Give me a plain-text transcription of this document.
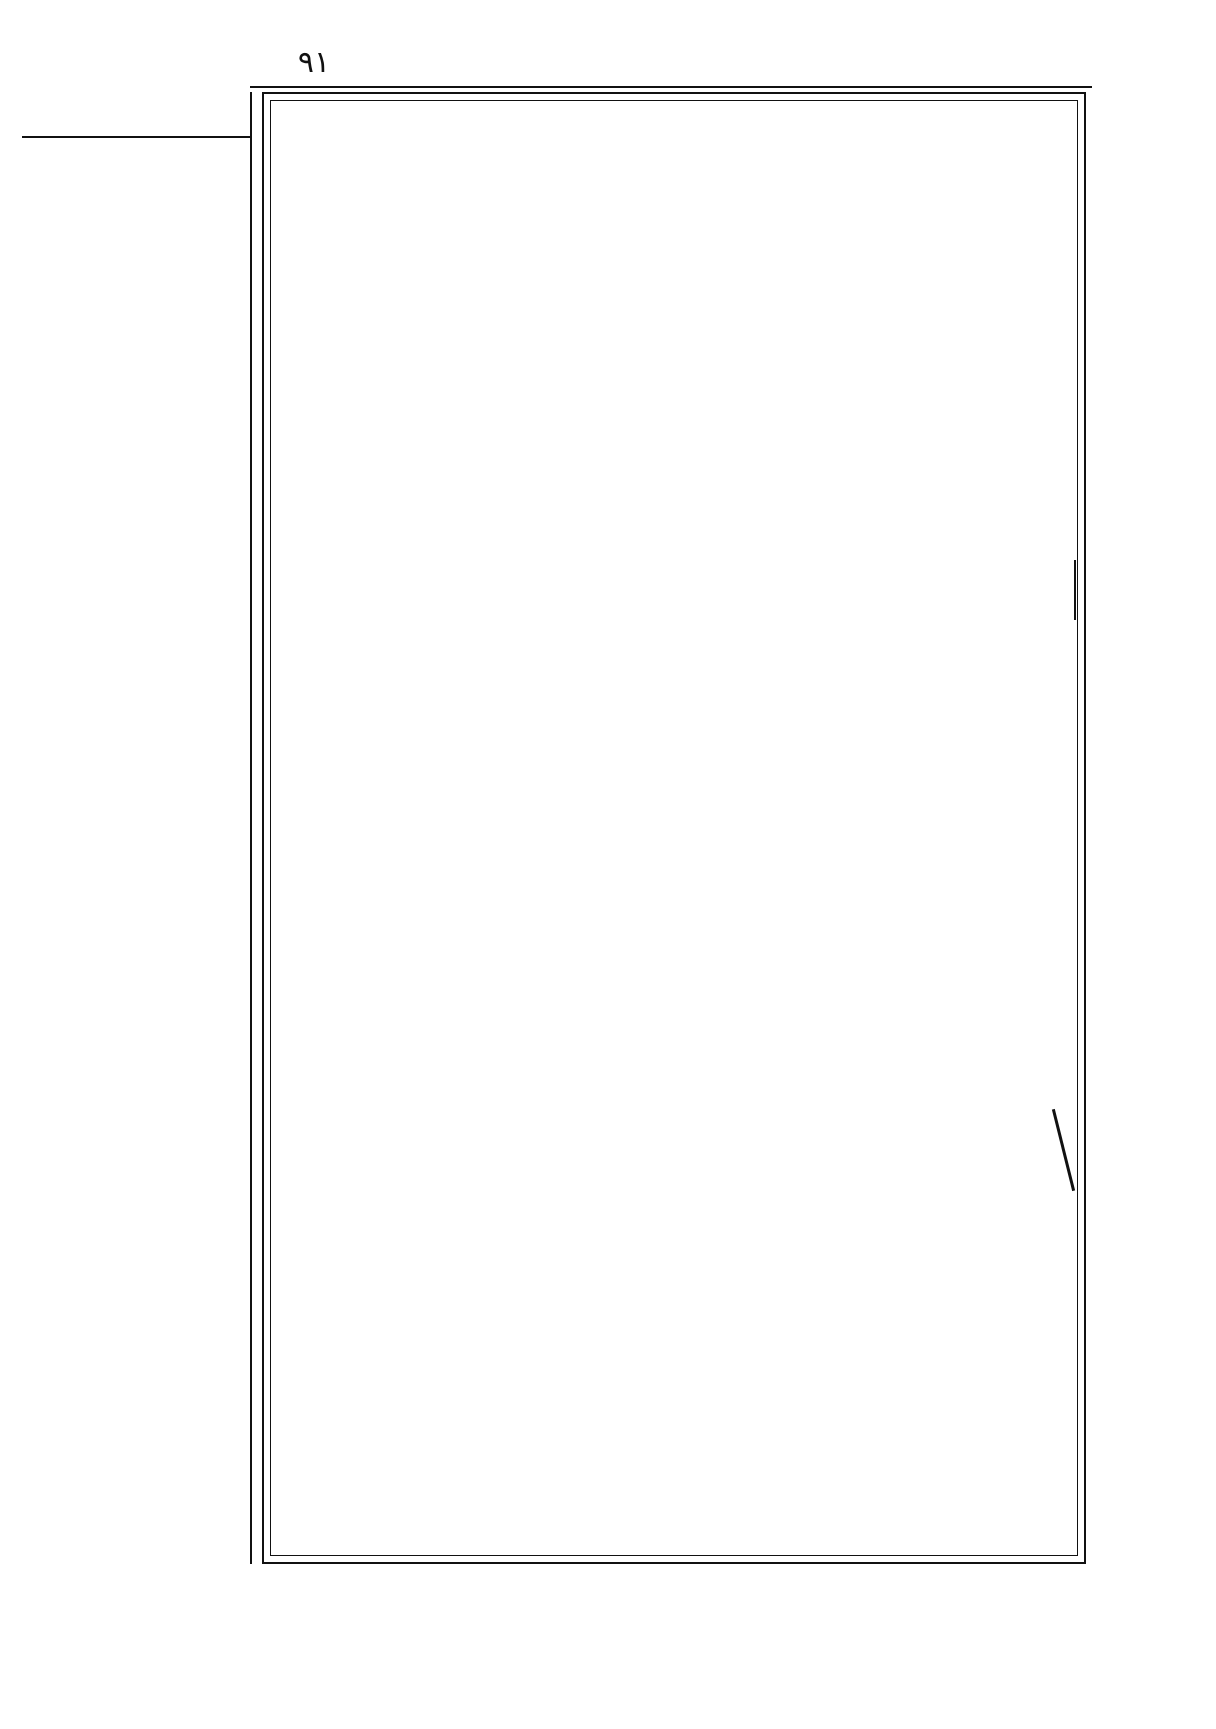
٩١
